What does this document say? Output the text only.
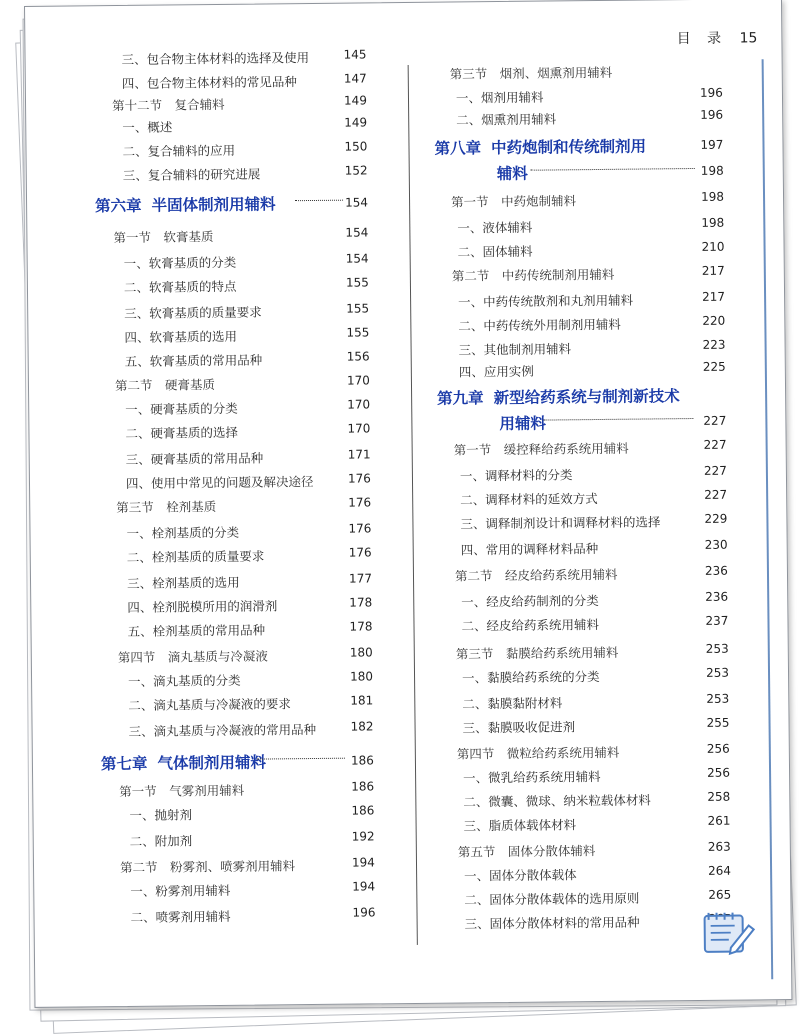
目 录 15
三、包合物主体材料的选择及使用	145
四、包合物主体材料的常见品种	147
第十二节　复合辅料	149
一、概述	149
二、复合辅料的应用	150
三、复合辅料的研究进展	152
第六章 半固体制剂用辅料	154
第一节　软膏基质	154
一、软膏基质的分类	154
二、软膏基质的特点	155
三、软膏基质的质量要求	155
四、软膏基质的选用	155
五、软膏基质的常用品种	156
第二节　硬膏基质	170
一、硬膏基质的分类	170
二、硬膏基质的选择	170
三、硬膏基质的常用品种	171
四、使用中常见的问题及解决途径	176
第三节　栓剂基质	176
一、栓剂基质的分类	176
二、栓剂基质的质量要求	176
三、栓剂基质的选用	177
四、栓剂脱模所用的润滑剂	178
五、栓剂基质的常用品种	178
第四节　滴丸基质与冷凝液	180
一、滴丸基质的分类	180
二、滴丸基质与冷凝液的要求	181
三、滴丸基质与冷凝液的常用品种	182
第七章 气体制剂用辅料	186
第一节　气雾剂用辅料	186
一、抛射剂	186
二、附加剂	192
第二节　粉雾剂、喷雾剂用辅料	194
一、粉雾剂用辅料	194
二、喷雾剂用辅料	196
第三节　烟剂、烟熏剂用辅料
一、烟剂用辅料	196
二、烟熏剂用辅料	196
第八章 中药炮制和传统制剂用	197
辅料	198
第一节　中药炮制辅料	198
一、液体辅料	198
二、固体辅料	210
第二节　中药传统制剂用辅料	217
一、中药传统散剂和丸剂用辅料	217
二、中药传统外用制剂用辅料	220
三、其他制剂用辅料	223
四、应用实例	225
第九章 新型给药系统与制剂新技术
用辅料	227
第一节　缓控释给药系统用辅料	227
一、调释材料的分类	227
二、调释材料的延效方式	227
三、调释制剂设计和调释材料的选择	229
四、常用的调释材料品种	230
第二节　经皮给药系统用辅料	236
一、经皮给药制剂的分类	236
二、经皮给药系统用辅料	237
第三节　黏膜给药系统用辅料	253
一、黏膜给药系统的分类	253
二、黏膜黏附材料	253
三、黏膜吸收促进剂	255
第四节　微粒给药系统用辅料	256
一、微乳给药系统用辅料	256
二、微囊、微球、纳米粒载体材料	258
三、脂质体载体材料	261
第五节　固体分散体辅料	263
一、固体分散体载体	264
二、固体分散体载体的选用原则	265
三、固体分散体材料的常用品种
